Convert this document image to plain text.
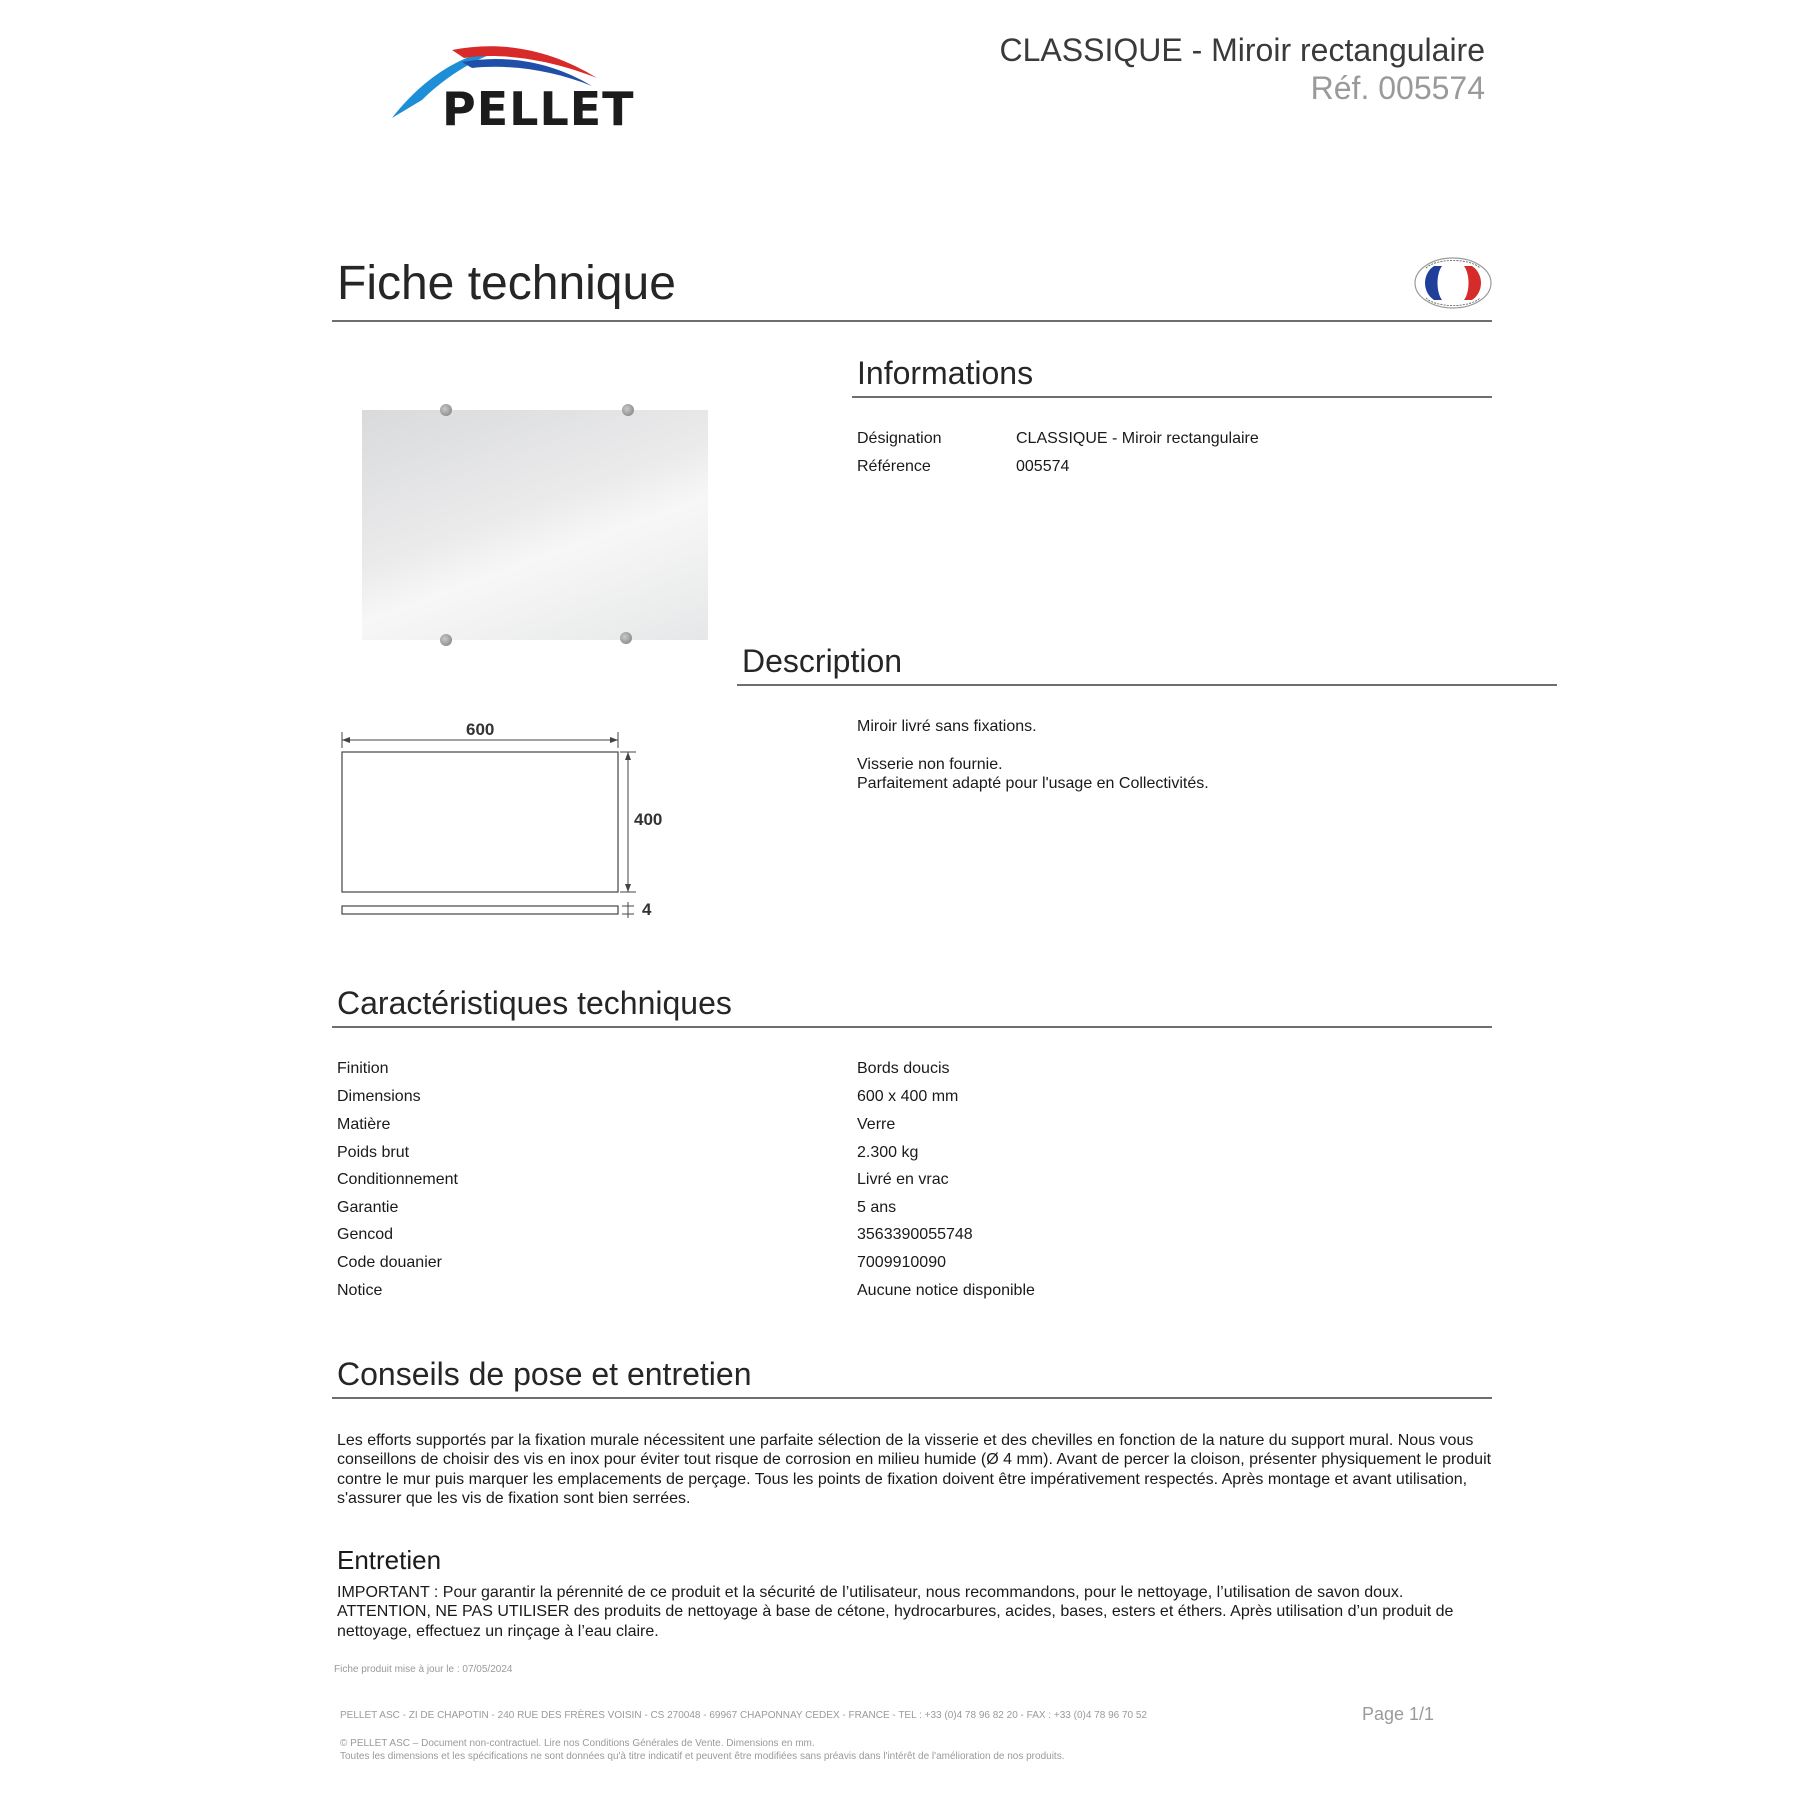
PELLET
CLASSIQUE - Miroir rectangulaire
Réf. 005574
Fiche technique
600
400
4
Informations
Désignation	CLASSIQUE - Miroir rectangulaire
Référence	005574
Description
Miroir livré sans fixations.
Visserie non fournie.
Parfaitement adapté pour l'usage en Collectivités.
Caractéristiques techniques
Finition	Bords doucis
Dimensions	600 x 400 mm
Matière	Verre
Poids brut	2.300 kg
Conditionnement	Livré en vrac
Garantie	5 ans
Gencod	3563390055748
Code douanier	7009910090
Notice	Aucune notice disponible
Conseils de pose et entretien
Les efforts supportés par la fixation murale nécessitent une parfaite sélection de la visserie et des chevilles en fonction de la nature du support mural. Nous vous conseillons de choisir des vis en inox pour éviter tout risque de corrosion en milieu humide (Ø 4 mm). Avant de percer la cloison, présenter physiquement le produit contre le mur puis marquer les emplacements de perçage. Tous les points de fixation doivent être impérativement respectés. Après montage et avant utilisation, s'assurer que les vis de fixation sont bien serrées.
Entretien
IMPORTANT : Pour garantir la pérennité de ce produit et la sécurité de l’utilisateur, nous recommandons, pour le nettoyage, l’utilisation de savon doux. ATTENTION, NE PAS UTILISER des produits de nettoyage à base de cétone, hydrocarbures, acides, bases, esters et éthers. Après utilisation d’un produit de nettoyage, effectuez un rinçage à l’eau claire.
Fiche produit mise à jour le : 07/05/2024
PELLET ASC - ZI DE CHAPOTIN - 240 RUE DES FRÈRES VOISIN - CS 270048 - 69967 CHAPONNAY CEDEX - FRANCE - TEL : +33 (0)4 78 96 82 20 - FAX : +33 (0)4 78 96 70 52	Page 1/1
© PELLET ASC – Document non-contractuel. Lire nos Conditions Générales de Vente. Dimensions en mm.
Toutes les dimensions et les spécifications ne sont données qu'à titre indicatif et peuvent être modifiées sans préavis dans l'intérêt de l'amélioration de nos produits.
